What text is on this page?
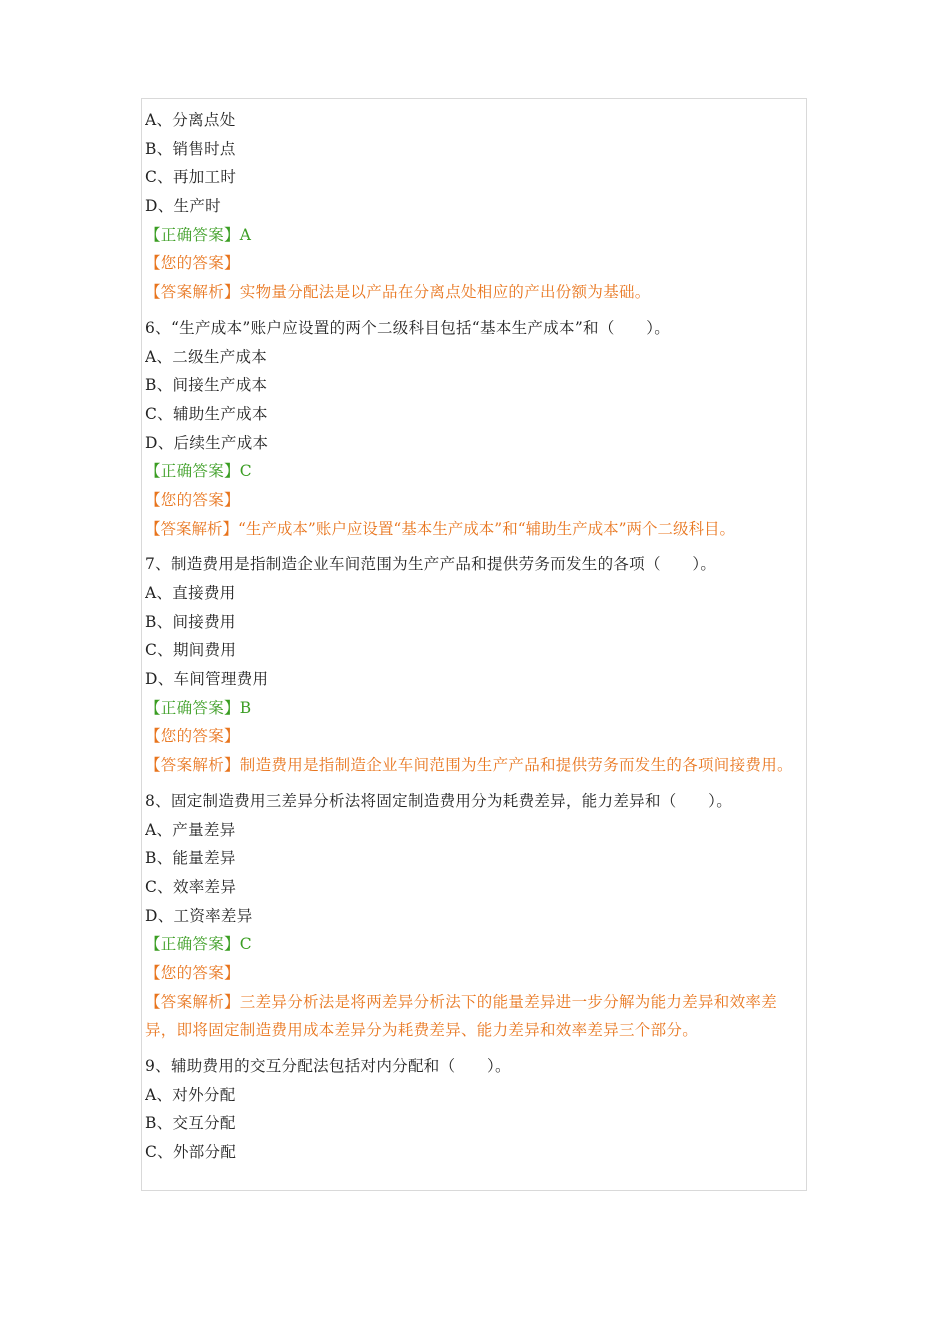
A、分离点处
B、销售时点
C、再加工时
D、生产时
【正确答案】A
【您的答案】
【答案解析】实物量分配法是以产品在分离点处相应的产出份额为基础。
6、“生产成本”账户应设置的两个二级科目包括“基本生产成本”和（　　）。
A、二级生产成本
B、间接生产成本
C、辅助生产成本
D、后续生产成本
【正确答案】C
【您的答案】
【答案解析】“生产成本”账户应设置“基本生产成本”和“辅助生产成本”两个二级科目。
7、制造费用是指制造企业车间范围为生产产品和提供劳务而发生的各项（　　）。
A、直接费用
B、间接费用
C、期间费用
D、车间管理费用
【正确答案】B
【您的答案】
【答案解析】制造费用是指制造企业车间范围为生产产品和提供劳务而发生的各项间接费用。
8、固定制造费用三差异分析法将固定制造费用分为耗费差异，能力差异和（　　）。
A、产量差异
B、能量差异
C、效率差异
D、工资率差异
【正确答案】C
【您的答案】
【答案解析】三差异分析法是将两差异分析法下的能量差异进一步分解为能力差异和效率差异，即将固定制造费用成本差异分为耗费差异、能力差异和效率差异三个部分。
9、辅助费用的交互分配法包括对内分配和（　　）。
A、对外分配
B、交互分配
C、外部分配
